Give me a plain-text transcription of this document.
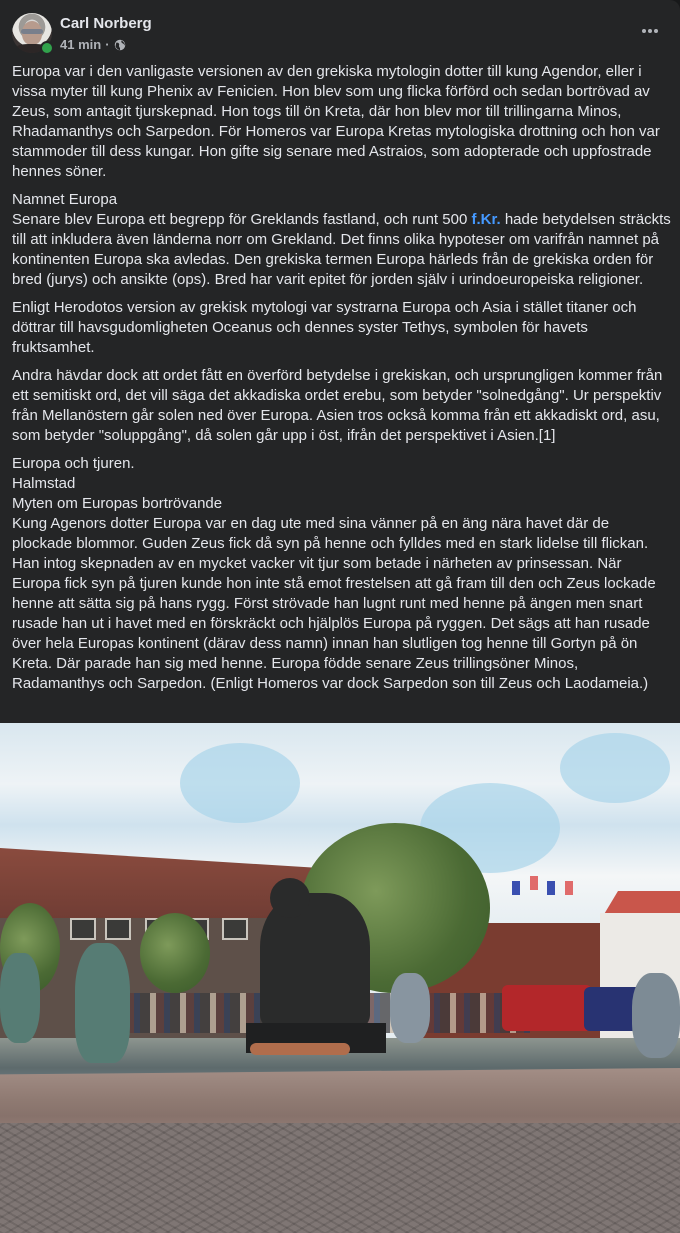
Carl Norberg
41 min ·

Europa var i den vanligaste versionen av den grekiska mytologin dotter till kung Agendor, eller i vissa myter till kung Phenix av Fenicien. Hon blev som ung flicka förförd och sedan bortrövad av Zeus, som antagit tjurskepnad. Hon togs till ön Kreta, där hon blev mor till trillingarna Minos, Rhadamanthys och Sarpedon. För Homeros var Europa Kretas mytologiska drottning och hon var stammoder till dess kungar. Hon gifte sig senare med Astraios, som adopterade och uppfostrade hennes söner.

Namnet Europa
Senare blev Europa ett begrepp för Greklands fastland, och runt 500 f.Kr. hade betydelsen sträckts till att inkludera även länderna norr om Grekland. Det finns olika hypoteser om varifrån namnet på kontinenten Europa ska avledas. Den grekiska termen Europa härleds från de grekiska orden för bred (jurys) och ansikte (ops). Bred har varit epitet för jorden själv i urindoeuropeiska religioner.

Enligt Herodotos version av grekisk mytologi var systrarna Europa och Asia i stället titaner och döttrar till havsgudomligheten Oceanus och dennes syster Tethys, symbolen för havets fruktsamhet.

Andra hävdar dock att ordet fått en överförd betydelse i grekiskan, och ursprungligen kommer från ett semitiskt ord, det vill säga det akkadiska ordet erebu, som betyder "solnedgång". Ur perspektiv från Mellanöstern går solen ned över Europa. Asien tros också komma från ett akkadiskt ord, asu, som betyder "soluppgång", då solen går upp i öst, ifrån det perspektivet i Asien.[1]

Europa och tjuren.
Halmstad
Myten om Europas bortrövande
Kung Agenors dotter Europa var en dag ute med sina vänner på en äng nära havet där de plockade blommor. Guden Zeus fick då syn på henne och fylldes med en stark lidelse till flickan. Han intog skepnaden av en mycket vacker vit tjur som betade i närheten av prinsessan. När Europa fick syn på tjuren kunde hon inte stå emot frestelsen att gå fram till den och Zeus lockade henne att sätta sig på hans rygg. Först strövade han lugnt runt med henne på ängen men snart rusade han ut i havet med en förskräckt och hjälplös Europa på ryggen. Det sägs att han rusade över hela Europas kontinent (därav dess namn) innan han slutligen tog henne till Gortyn på ön Kreta. Där parade han sig med henne. Europa födde senare Zeus trillingsöner Minos, Radamanthys och Sarpedon. (Enligt Homeros var dock Sarpedon son till Zeus och Laodameia.)
